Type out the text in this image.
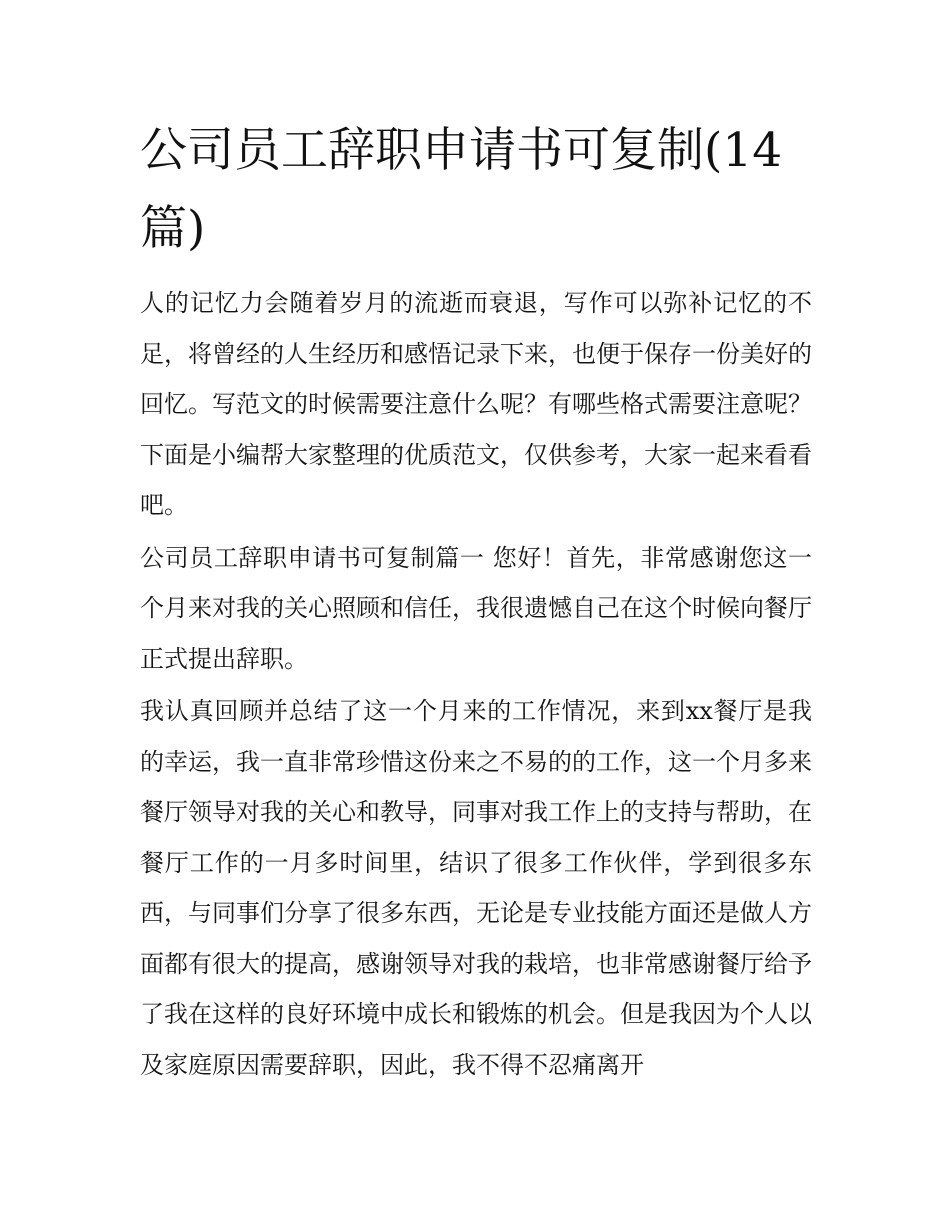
公司员工辞职申请书可复制(14篇)

人的记忆力会随着岁月的流逝而衰退，写作可以弥补记忆的不足，将曾经的人生经历和感悟记录下来，也便于保存一份美好的回忆。写范文的时候需要注意什么呢？有哪些格式需要注意呢？下面是小编帮大家整理的优质范文，仅供参考，大家一起来看看吧。

公司员工辞职申请书可复制篇一 您好！首先，非常感谢您这一个月来对我的关心照顾和信任，我很遗憾自己在这个时候向餐厅正式提出辞职。

我认真回顾并总结了这一个月来的工作情况，来到xx餐厅是我的幸运，我一直非常珍惜这份来之不易的的工作，这一个月多来餐厅领导对我的关心和教导，同事对我工作上的支持与帮助，在餐厅工作的一月多时间里，结识了很多工作伙伴，学到很多东西，与同事们分享了很多东西，无论是专业技能方面还是做人方面都有很大的提高，感谢领导对我的栽培，也非常感谢餐厅给予了我在这样的良好环境中成长和锻炼的机会。但是我因为个人以及家庭原因需要辞职，因此，我不得不忍痛离开
